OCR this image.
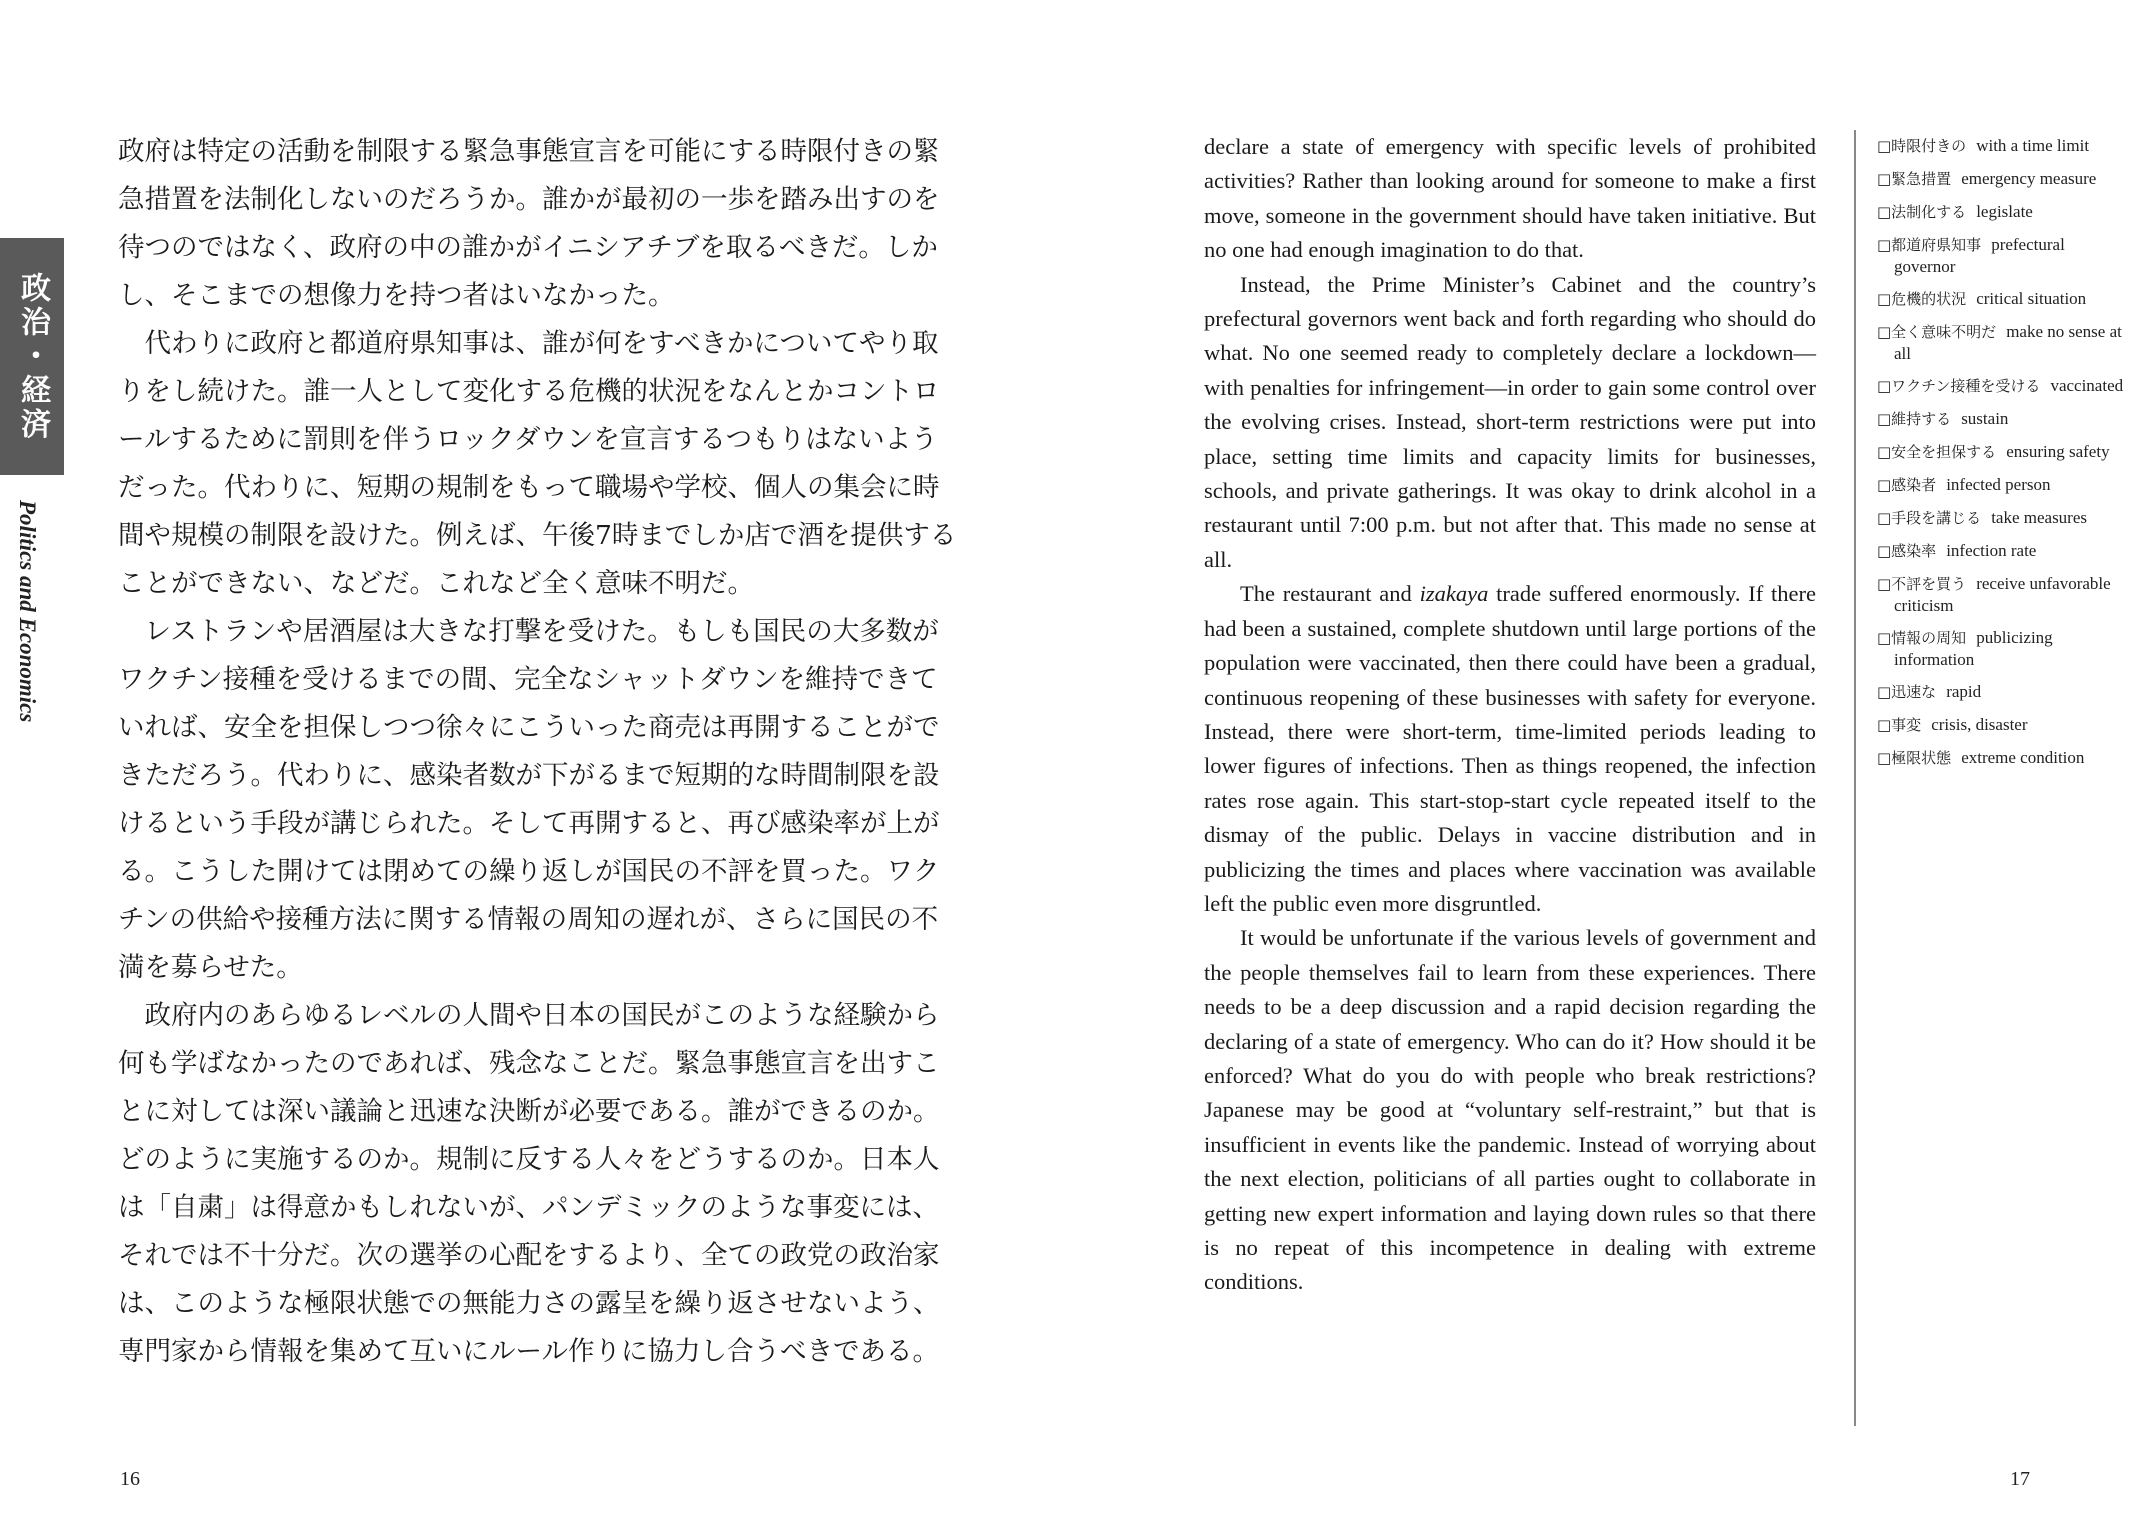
政治・経済
Politics and Economics

政府は特定の活動を制限する緊急事態宣言を可能にする時限付きの緊急措置を法制化しないのだろうか。誰かが最初の一歩を踏み出すのを待つのではなく、政府の中の誰かがイニシアチブを取るべきだ。しかし、そこまでの想像力を持つ者はいなかった。

代わりに政府と都道府県知事は、誰が何をすべきかについてやり取りをし続けた。誰一人として変化する危機的状況をなんとかコントロールするために罰則を伴うロックダウンを宣言するつもりはないようだった。代わりに、短期の規制をもって職場や学校、個人の集会に時間や規模の制限を設けた。例えば、午後7時までしか店で酒を提供することができない、などだ。これなど全く意味不明だ。

レストランや居酒屋は大きな打撃を受けた。もしも国民の大多数がワクチン接種を受けるまでの間、完全なシャットダウンを維持できていれば、安全を担保しつつ徐々にこういった商売は再開することができただろう。代わりに、感染者数が下がるまで短期的な時間制限を設けるという手段が講じられた。そして再開すると、再び感染率が上がる。こうした開けては閉めての繰り返しが国民の不評を買った。ワクチンの供給や接種方法に関する情報の周知の遅れが、さらに国民の不満を募らせた。

政府内のあらゆるレベルの人間や日本の国民がこのような経験から何も学ばなかったのであれば、残念なことだ。緊急事態宣言を出すことに対しては深い議論と迅速な決断が必要である。誰ができるのか。どのように実施するのか。規制に反する人々をどうするのか。日本人は「自粛」は得意かもしれないが、パンデミックのような事変には、それでは不十分だ。次の選挙の心配をするより、全ての政党の政治家は、このような極限状態での無能力さの露呈を繰り返させないよう、専門家から情報を集めて互いにルール作りに協力し合うべきである。

declare a state of emergency with specific levels of prohibited activities? Rather than looking around for someone to make a first move, someone in the government should have taken initiative. But no one had enough imagination to do that.

Instead, the Prime Minister’s Cabinet and the country’s prefectural governors went back and forth regarding who should do what. No one seemed ready to completely declare a lockdown—with penalties for infringement—in order to gain some control over the evolving crises. Instead, short-term restrictions were put into place, setting time limits and capacity limits for businesses, schools, and private gatherings. It was okay to drink alcohol in a restaurant until 7:00 p.m. but not after that. This made no sense at all.

The restaurant and izakaya trade suffered enormously. If there had been a sustained, complete shutdown until large portions of the population were vaccinated, then there could have been a gradual, continuous reopening of these businesses with safety for everyone. Instead, there were short-term, time-limited periods leading to lower figures of infections. Then as things reopened, the infection rates rose again. This start-stop-start cycle repeated itself to the dismay of the public. Delays in vaccine distribution and in publicizing the times and places where vaccination was available left the public even more disgruntled.

It would be unfortunate if the various levels of government and the people themselves fail to learn from these experiences. There needs to be a deep discussion and a rapid decision regarding the declaring of a state of emergency. Who can do it? How should it be enforced? What do you do with people who break restrictions? Japanese may be good at “voluntary self-restraint,” but that is insufficient in events like the pandemic. Instead of worrying about the next election, politicians of all parties ought to collaborate in getting new expert information and laying down rules so that there is no repeat of this incompetence in dealing with extreme conditions.

□時限付きの with a time limit
□緊急措置 emergency measure
□法制化する legislate
□都道府県知事 prefectural governor
□危機的状況 critical situation
□全く意味不明だ make no sense at all
□ワクチン接種を受ける vaccinated
□維持する sustain
□安全を担保する ensuring safety
□感染者 infected person
□手段を講じる take measures
□感染率 infection rate
□不評を買う receive unfavorable criticism
□情報の周知 publicizing information
□迅速な rapid
□事変 crisis, disaster
□極限状態 extreme condition
16	17
